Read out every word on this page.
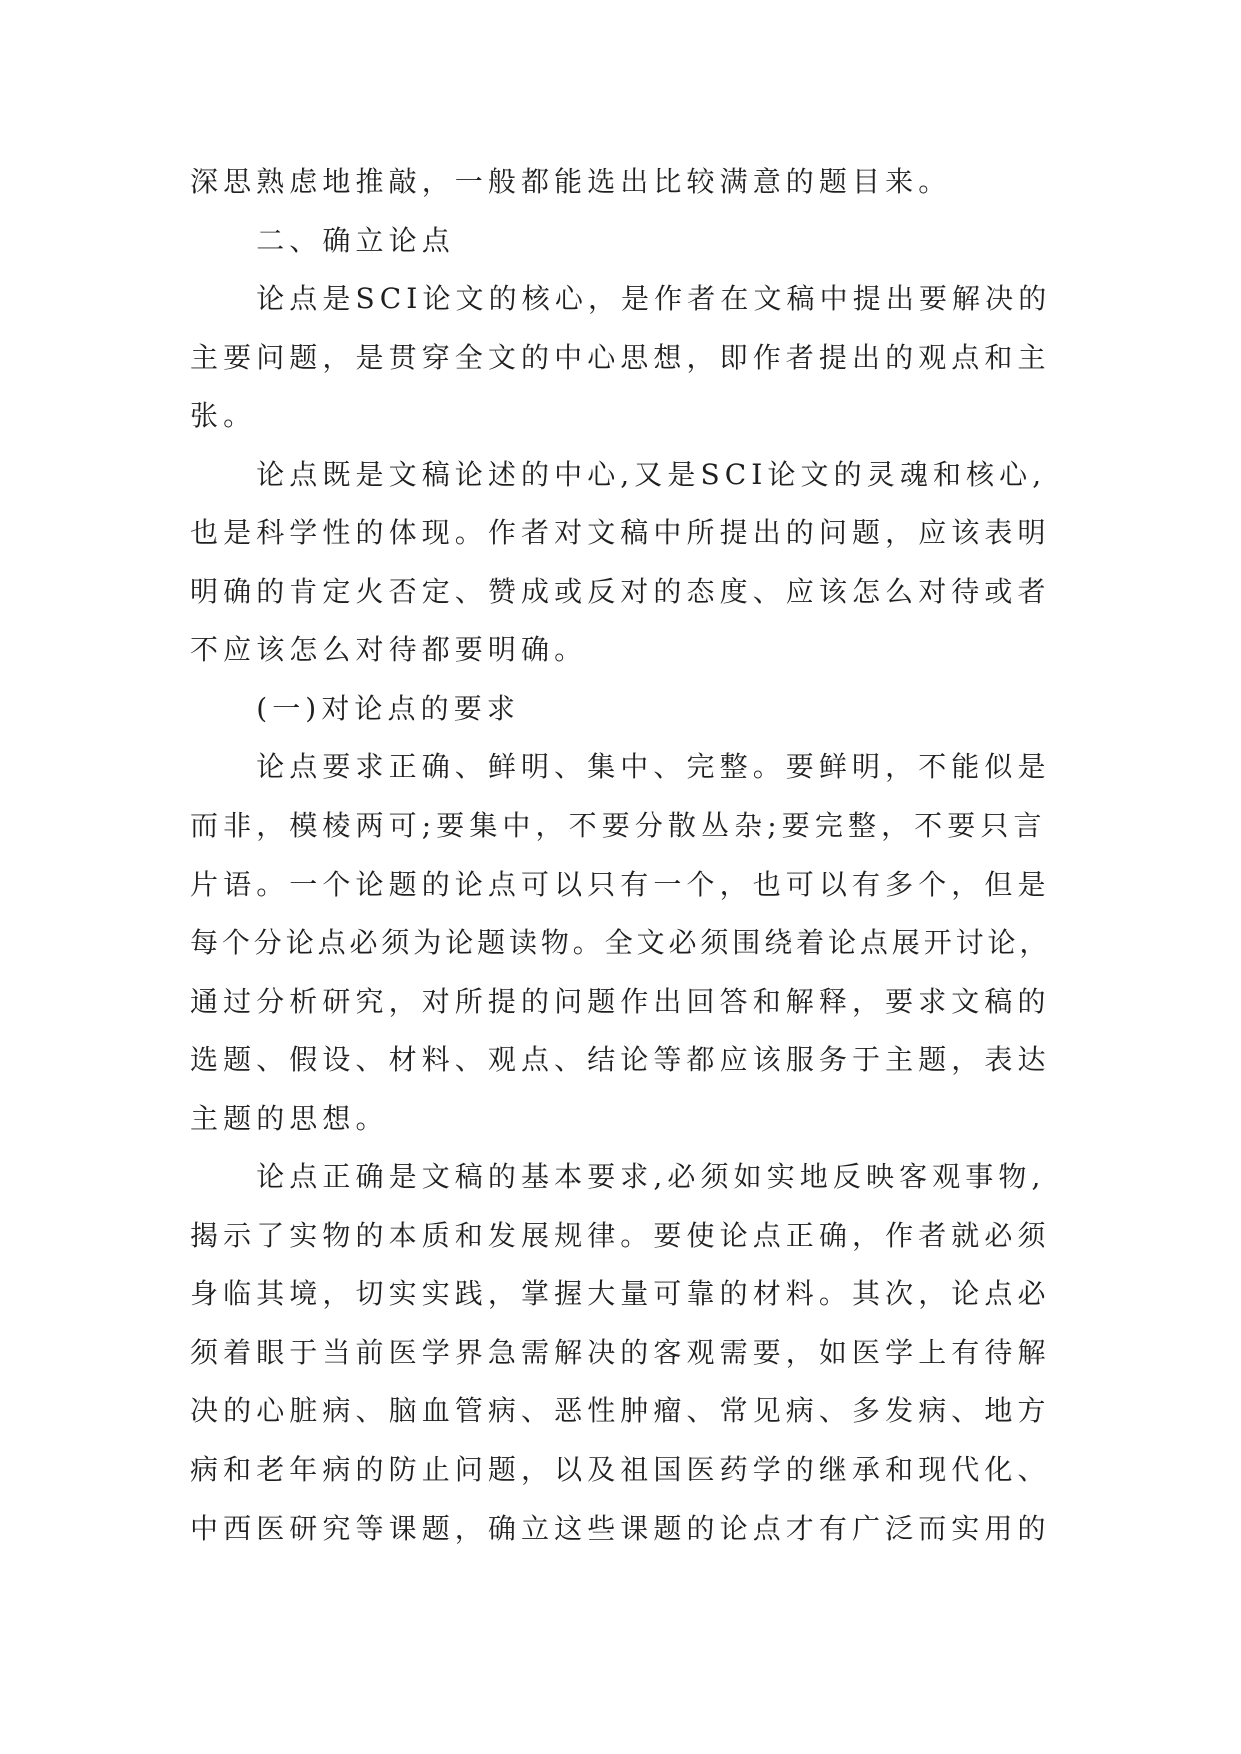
深思熟虑地推敲，一般都能选出比较满意的题目来。
二、确立论点
论点是SCI论文的核心，是作者在文稿中提出要解决的
主要问题，是贯穿全文的中心思想，即作者提出的观点和主
张。
论点既是文稿论述的中心,又是SCI论文的灵魂和核心,
也是科学性的体现。作者对文稿中所提出的问题，应该表明
明确的肯定火否定、赞成或反对的态度、应该怎么对待或者
不应该怎么对待都要明确。
(一)对论点的要求
论点要求正确、鲜明、集中、完整。要鲜明，不能似是
而非，模棱两可;要集中，不要分散丛杂;要完整，不要只言
片语。一个论题的论点可以只有一个，也可以有多个，但是
每个分论点必须为论题读物。全文必须围绕着论点展开讨论，
通过分析研究，对所提的问题作出回答和解释，要求文稿的
选题、假设、材料、观点、结论等都应该服务于主题，表达
主题的思想。
论点正确是文稿的基本要求,必须如实地反映客观事物,
揭示了实物的本质和发展规律。要使论点正确，作者就必须
身临其境，切实实践，掌握大量可靠的材料。其次，论点必
须着眼于当前医学界急需解决的客观需要，如医学上有待解
决的心脏病、脑血管病、恶性肿瘤、常见病、多发病、地方
病和老年病的防止问题，以及祖国医药学的继承和现代化、
中西医研究等课题，确立这些课题的论点才有广泛而实用的
